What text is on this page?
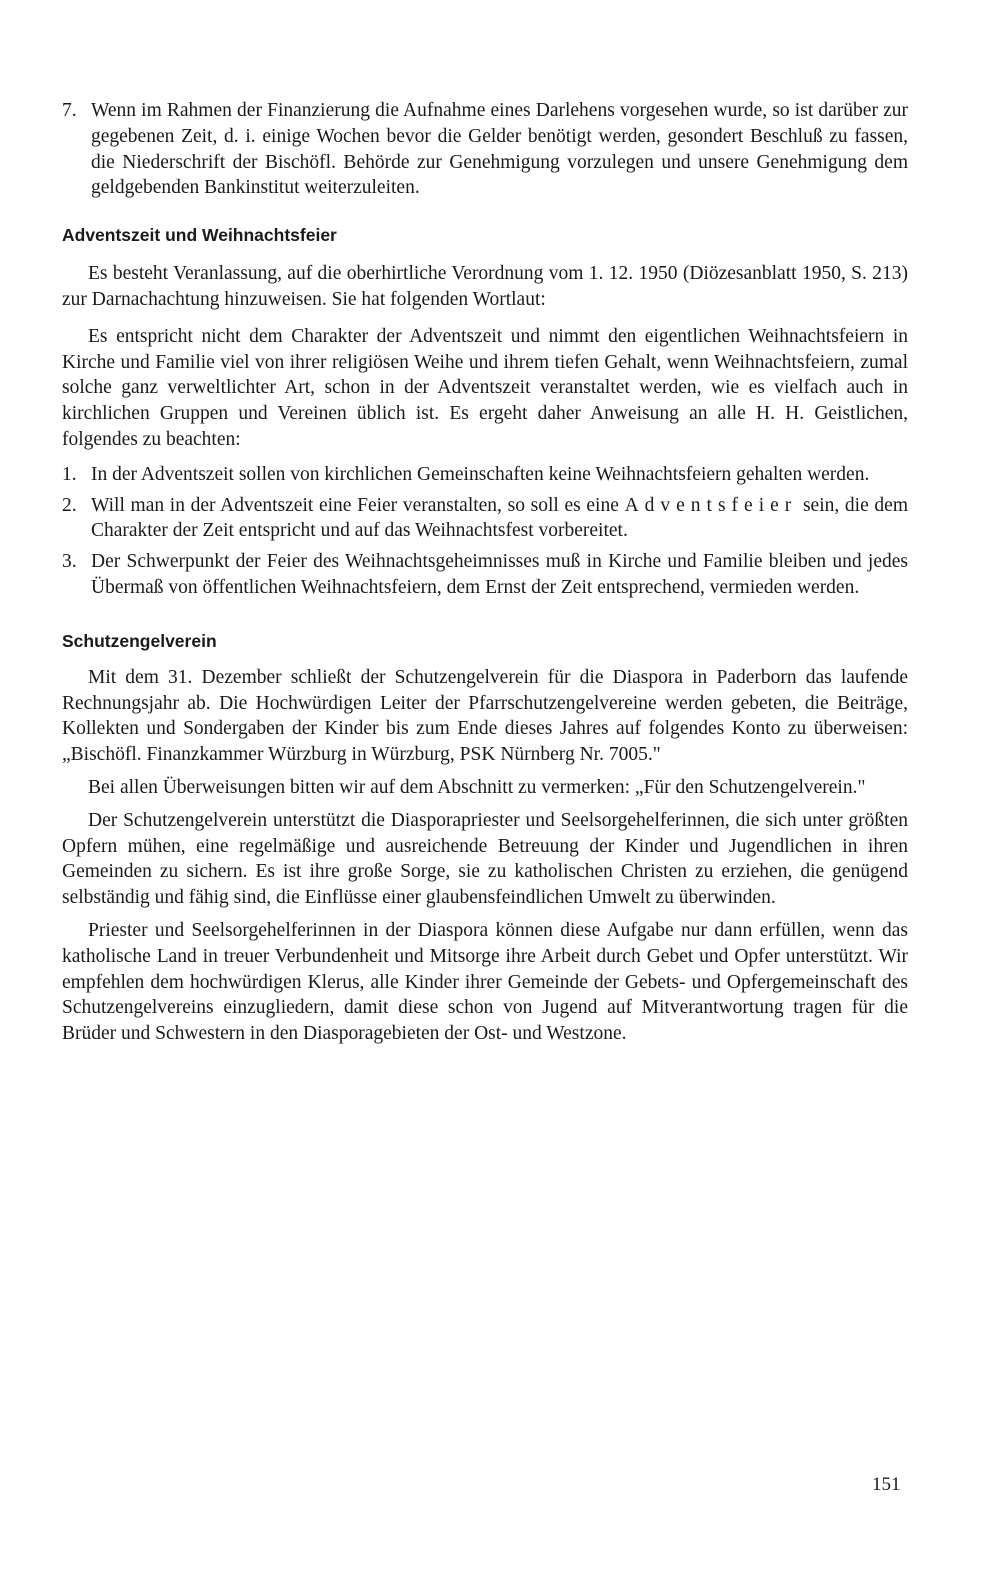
7. Wenn im Rahmen der Finanzierung die Aufnahme eines Darlehens vorgesehen wurde, so ist darüber zur gegebenen Zeit, d. i. einige Wochen bevor die Gelder benötigt werden, gesondert Beschluß zu fassen, die Niederschrift der Bischöfl. Behörde zur Genehmigung vorzulegen und unsere Genehmigung dem geldgebenden Bankinstitut weiterzuleiten.
Adventszeit und Weihnachtsfeier

Es besteht Veranlassung, auf die oberhirtliche Verordnung vom 1. 12. 1950 (Diözesanblatt 1950, S. 213) zur Darnachachtung hinzuweisen. Sie hat folgenden Wortlaut:

Es entspricht nicht dem Charakter der Adventszeit und nimmt den eigentlichen Weihnachtsfeiern in Kirche und Familie viel von ihrer religiösen Weihe und ihrem tiefen Gehalt, wenn Weihnachtsfeiern, zumal solche ganz verweltlichter Art, schon in der Adventszeit veranstaltet werden, wie es vielfach auch in kirchlichen Gruppen und Vereinen üblich ist. Es ergeht daher Anweisung an alle H. H. Geistlichen, folgendes zu beachten:

1. In der Adventszeit sollen von kirchlichen Gemeinschaften keine Weihnachtsfeiern gehalten werden.
2. Will man in der Adventszeit eine Feier veranstalten, so soll es eine Adventsfeier sein, die dem Charakter der Zeit entspricht und auf das Weihnachtsfest vorbereitet.
3. Der Schwerpunkt der Feier des Weihnachtsgeheimnisses muß in Kirche und Familie bleiben und jedes Übermaß von öffentlichen Weihnachtsfeiern, dem Ernst der Zeit entsprechend, vermieden werden.
Schutzengelverein

Mit dem 31. Dezember schließt der Schutzengelverein für die Diaspora in Paderborn das laufende Rechnungsjahr ab. Die Hochwürdigen Leiter der Pfarrschutzengelvereine werden gebeten, die Beiträge, Kollekten und Sondergaben der Kinder bis zum Ende dieses Jahres auf folgendes Konto zu überweisen: „Bischöfl. Finanzkammer Würzburg in Würzburg, PSK Nürnberg Nr. 7005."

Bei allen Überweisungen bitten wir auf dem Abschnitt zu vermerken: „Für den Schutzengelverein."

Der Schutzengelverein unterstützt die Diasporapriester und Seelsorgehelferinnen, die sich unter größten Opfern mühen, eine regelmäßige und ausreichende Betreuung der Kinder und Jugendlichen in ihren Gemeinden zu sichern. Es ist ihre große Sorge, sie zu katholischen Christen zu erziehen, die genügend selbständig und fähig sind, die Einflüsse einer glaubensfeindlichen Umwelt zu überwinden.

Priester und Seelsorgehelferinnen in der Diaspora können diese Aufgabe nur dann erfüllen, wenn das katholische Land in treuer Verbundenheit und Mitsorge ihre Arbeit durch Gebet und Opfer unterstützt. Wir empfehlen dem hochwürdigen Klerus, alle Kinder ihrer Gemeinde der Gebets- und Opfergemeinschaft des Schutzengelvereins einzugliedern, damit diese schon von Jugend auf Mitverantwortung tragen für die Brüder und Schwestern in den Diasporagebieten der Ost- und Westzone.

151
